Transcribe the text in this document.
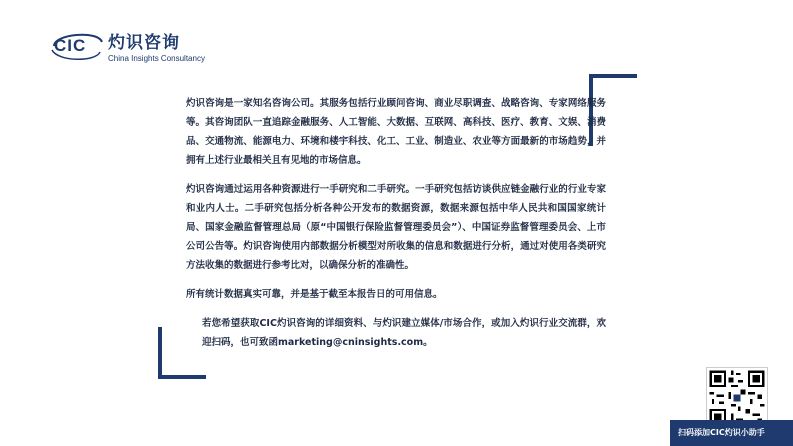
CIC 灼识咨询
China Insights Consultancy

灼识咨询是一家知名咨询公司。其服务包括行业顾问咨询、商业尽职调查、战略咨询、专家网络服务等。其咨询团队一直追踪金融服务、人工智能、大数据、互联网、高科技、医疗、教育、文娱、消费品、交通物流、能源电力、环境和楼宇科技、化工、工业、制造业、农业等方面最新的市场趋势，并拥有上述行业最相关且有见地的市场信息。

灼识咨询通过运用各种资源进行一手研究和二手研究。一手研究包括访谈供应链金融行业的行业专家和业内人士。二手研究包括分析各种公开发布的数据资源，数据来源包括中华人民共和国国家统计局、国家金融监督管理总局（原“中国银行保险监督管理委员会”）、中国证券监督管理委员会、上市公司公告等。灼识咨询使用内部数据分析模型对所收集的信息和数据进行分析，通过对使用各类研究方法收集的数据进行参考比对，以确保分析的准确性。

所有统计数据真实可靠，并是基于截至本报告日的可用信息。

若您希望获取CIC灼识咨询的详细资料、与灼识建立媒体/市场合作，或加入灼识行业交流群，欢迎扫码，也可致函marketing@cninsights.com。

扫码添加CIC灼识小助手
